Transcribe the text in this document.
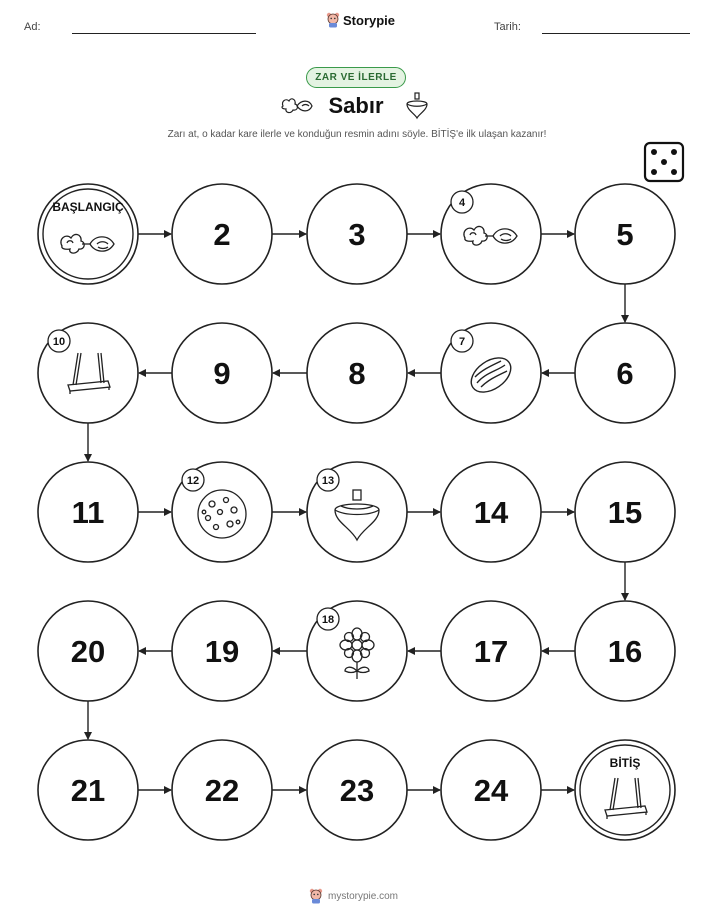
Ad:	Storypie	Tarih:
ZAR VE İLERLE
Sabır
Zarı at, o kadar kare ilerle ve konduğun resmin adını söyle. BİTİŞ'e ilk ulaşan kazanır!
BAŞLANGIÇ
2	3
4
5
6
7
8
9
10
11
12	13
14	15
16
17
18
19
20
21	22	23	24
BİTİŞ
mystorypie.com
